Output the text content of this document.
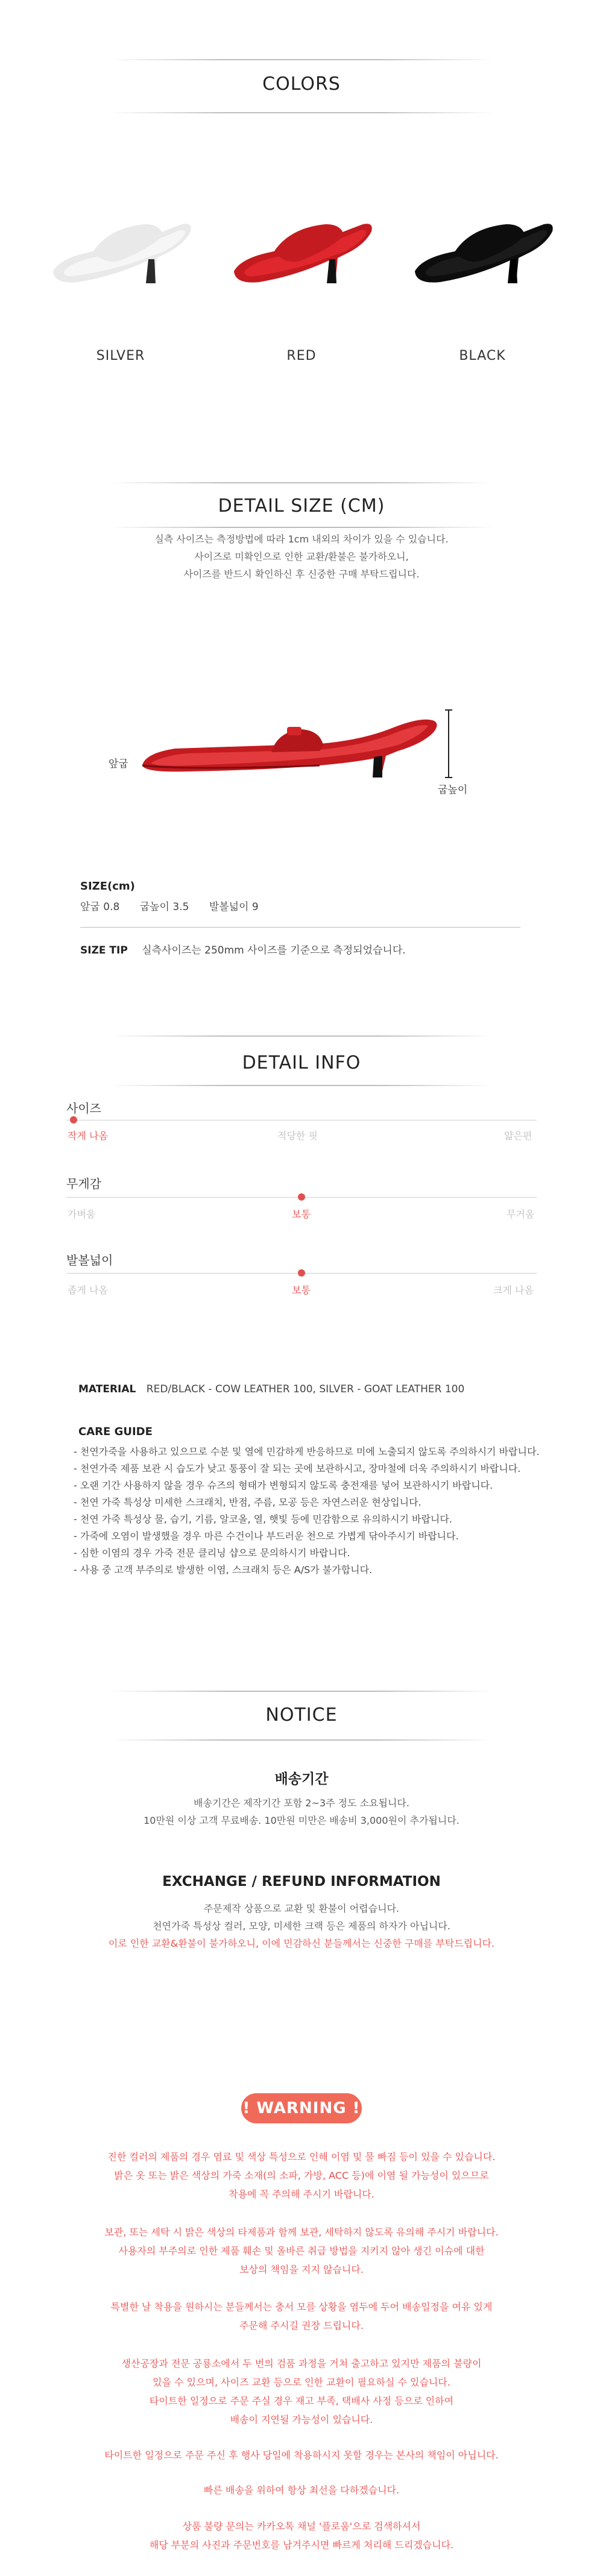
COLORS
SILVER	RED	BLACK
DETAIL SIZE (CM)
실측 사이즈는 측정방법에 따라 1cm 내외의 차이가 있을 수 있습니다.
사이즈로 미확인으로 인한 교환/환불은 불가하오니,
사이즈를 반드시 확인하신 후 신중한 구매 부탁드립니다.
앞굽
굽높이
SIZE(cm)
앞굽 0.8 굽높이 3.5 발볼넓이 9
SIZE TIP 실측사이즈는 250mm 사이즈를 기준으로 측정되었습니다.
DETAIL INFO
사이즈
작게 나옴	적당한 핏	얇은편
무게감
가벼움	보통	무거움
발볼넓이
좁게 나옴	보통	크게 나옴
MATERIAL RED/BLACK - COW LEATHER 100, SILVER - GOAT LEATHER 100
CARE GUIDE
- 천연가죽을 사용하고 있으므로 수분 및 열에 민감하게 반응하므로 미에 노출되지 않도록 주의하시기 바랍니다.
- 천연가죽 제품 보관 시 습도가 낮고 통풍이 잘 되는 곳에 보관하시고, 장마철에 더욱 주의하시기 바랍니다.
- 오랜 기간 사용하지 않을 경우 슈즈의 형태가 변형되지 않도록 충전재를 넣어 보관하시기 바랍니다.
- 천연 가죽 특성상 미세한 스크래치, 반점, 주름, 모공 등은 자연스러운 현상입니다.
- 천연 가죽 특성상 물, 습기, 기름, 알코올, 열, 햇빛 등에 민감함으로 유의하시기 바랍니다.
- 가죽에 오염이 발생했을 경우 마른 수건이나 부드러운 천으로 가볍게 닦아주시기 바랍니다.
- 심한 이염의 경우 가죽 전문 클리닝 샵으로 문의하시기 바랍니다.
- 사용 중 고객 부주의로 발생한 이염, 스크래치 등은 A/S가 불가합니다.
NOTICE
배송기간
배송기간은 제작기간 포함 2~3주 정도 소요됩니다.
10만원 이상 고객 무료배송. 10만원 미만은 배송비 3,000원이 추가됩니다.
EXCHANGE / REFUND INFORMATION
주문제작 상품으로 교환 및 환불이 어렵습니다.
천연가죽 특성상 컬러, 모양, 미세한 크랙 등은 제품의 하자가 아닙니다.
이로 인한 교환&환불이 불가하오니, 이에 민감하신 분들께서는 신중한 구매를 부탁드립니다.
! WARNING !
진한 컬러의 제품의 경우 염료 및 색상 특성으로 인해 이염 및 물 빠짐 등이 있을 수 있습니다.
밝은 옷 또는 밝은 색상의 가죽 소재(의 소파, 가방, ACC 등)에 이염 될 가능성이 있으므로
착용에 꼭 주의해 주시기 바랍니다.
보관, 또는 세탁 시 밝은 색상의 타제품과 함께 보관, 세탁하지 않도록 유의해 주시기 바랍니다.
사용자의 부주의로 인한 제품 훼손 및 올바른 취급 방법을 지키지 않아 생긴 이슈에 대한
보상의 책임을 지지 않습니다.
특별한 날 착용을 원하시는 분들께서는 충서 모를 상황을 염두에 두어 배송일정을 여유 있게
주문해 주시길 권장 드립니다.
생산공장과 전문 공룡소에서 두 번의 검품 과정을 거쳐 출고하고 있지만 제품의 불량이
있을 수 있으며, 사이즈 교환 등으로 인한 교환이 필요하실 수 있습니다.
타이트한 일정으로 주문 주실 경우 재고 부족, 택배사 사정 등으로 인하여
배송이 지연될 가능성이 있습니다.
타이트한 일정으로 주문 주신 후 행사 당일에 착용하시지 못할 경우는 본사의 책임이 아닙니다.
빠른 배송을 위하여 항상 최선을 다하겠습니다.
상품 불량 문의는 카카오톡 채널 '플로움'으로 검색하셔서
해당 부분의 사진과 주문번호를 남겨주시면 빠르게 처리해 드리겠습니다.
